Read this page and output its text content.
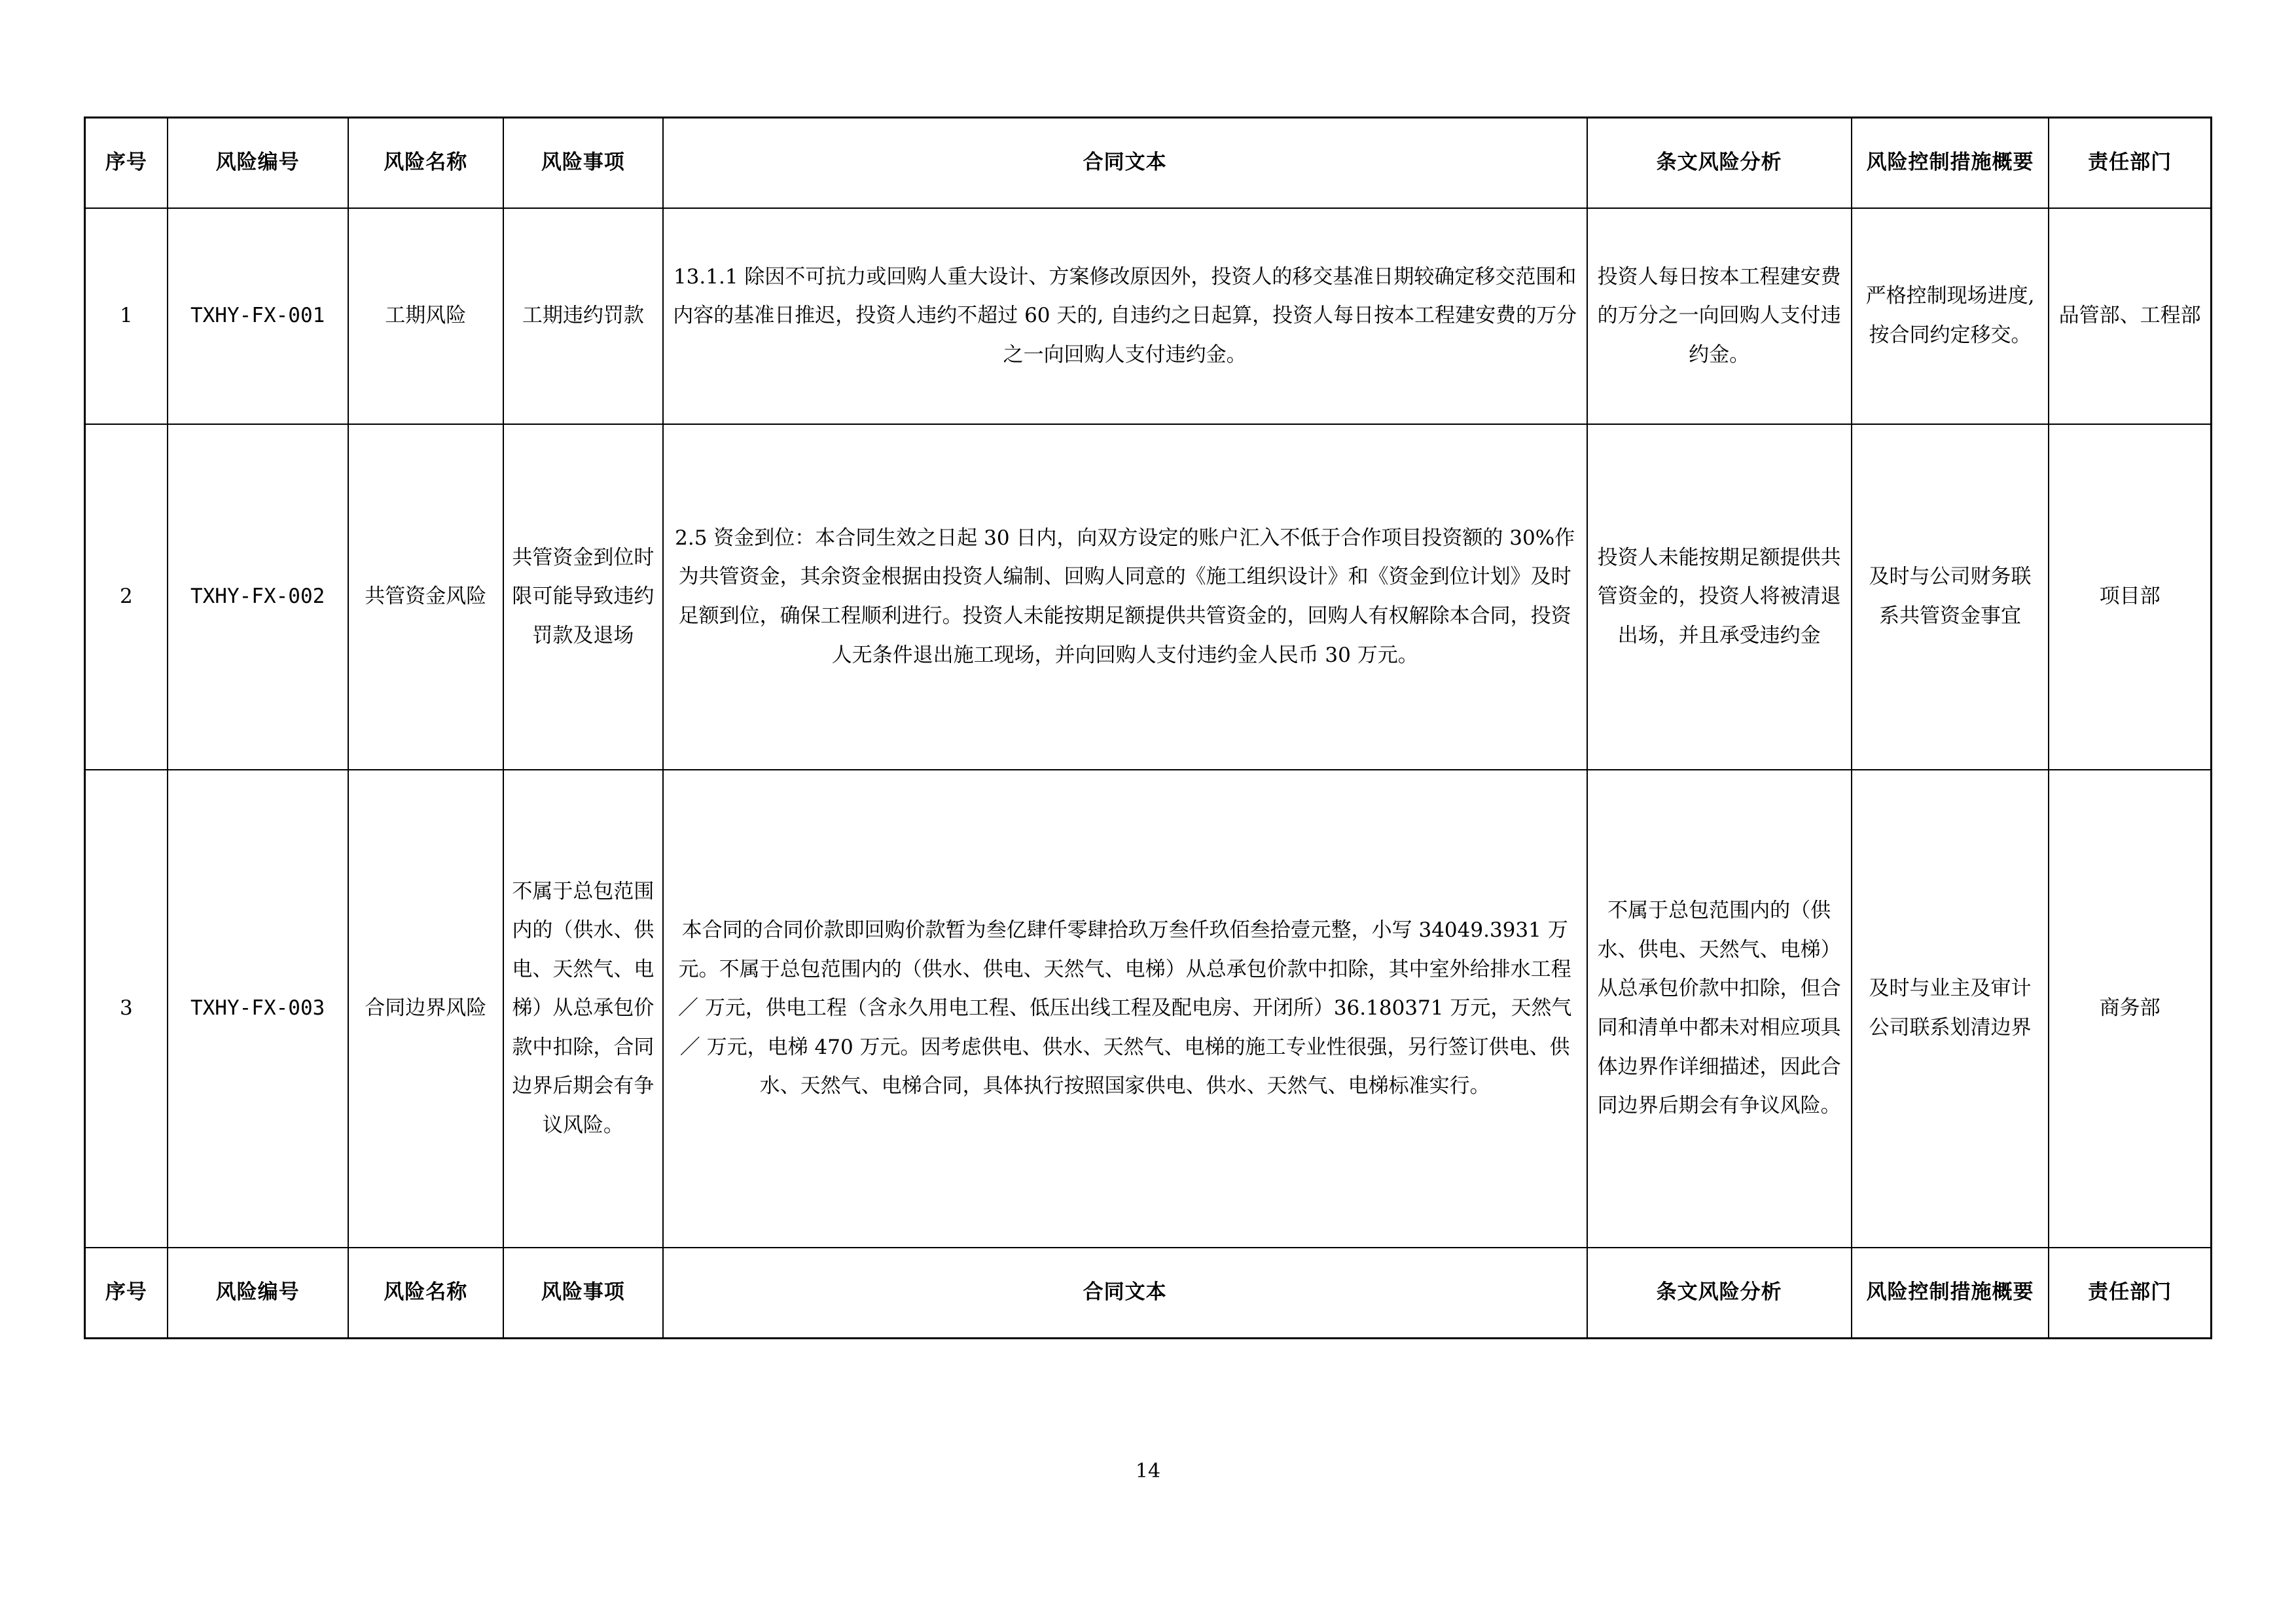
序号	风险编号	风险名称	风险事项	合同文本	条文风险分析	风险控制措施概要	责任部门
1	TXHY-FX-001	工期风险	工期违约罚款	13.1.1 除因不可抗力或回购人重大设计、方案修改原因外，投资人的移交基准日期较确定移交范围和内容的基准日推迟，投资人违约不超过 60 天的, 自违约之日起算，投资人每日按本工程建安费的万分之一向回购人支付违约金。	投资人每日按本工程建安费的万分之一向回购人支付违约金。	严格控制现场进度, 按合同约定移交。	品管部、工程部
2	TXHY-FX-002	共管资金风险	共管资金到位时限可能导致违约罚款及退场	2.5 资金到位：本合同生效之日起 30 日内，向双方设定的账户汇入不低于合作项目投资额的 30%作为共管资金，其余资金根据由投资人编制、回购人同意的《施工组织设计》和《资金到位计划》及时足额到位，确保工程顺利进行。投资人未能按期足额提供共管资金的，回购人有权解除本合同，投资人无条件退出施工现场，并向回购人支付违约金人民币 30 万元。	投资人未能按期足额提供共管资金的，投资人将被清退出场，并且承受违约金	及时与公司财务联系共管资金事宜	项目部
3	TXHY-FX-003	合同边界风险	不属于总包范围内的（供水、供电、天然气、电梯）从总承包价款中扣除，合同边界后期会有争议风险。	本合同的合同价款即回购价款暂为叁亿肆仟零肆拾玖万叁仟玖佰叁拾壹元整，小写 34049.3931 万元。不属于总包范围内的（供水、供电、天然气、电梯）从总承包价款中扣除，其中室外给排水工程 ／ 万元，供电工程（含永久用电工程、低压出线工程及配电房、开闭所）36.180371 万元，天然气 ／ 万元，电梯 470 万元。因考虑供电、供水、天然气、电梯的施工专业性很强，另行签订供电、供水、天然气、电梯合同，具体执行按照国家供电、供水、天然气、电梯标准实行。	不属于总包范围内的（供水、供电、天然气、电梯）从总承包价款中扣除，但合同和清单中都未对相应项具体边界作详细描述，因此合同边界后期会有争议风险。	及时与业主及审计公司联系划清边界	商务部
序号	风险编号	风险名称	风险事项	合同文本	条文风险分析	风险控制措施概要	责任部门
14
